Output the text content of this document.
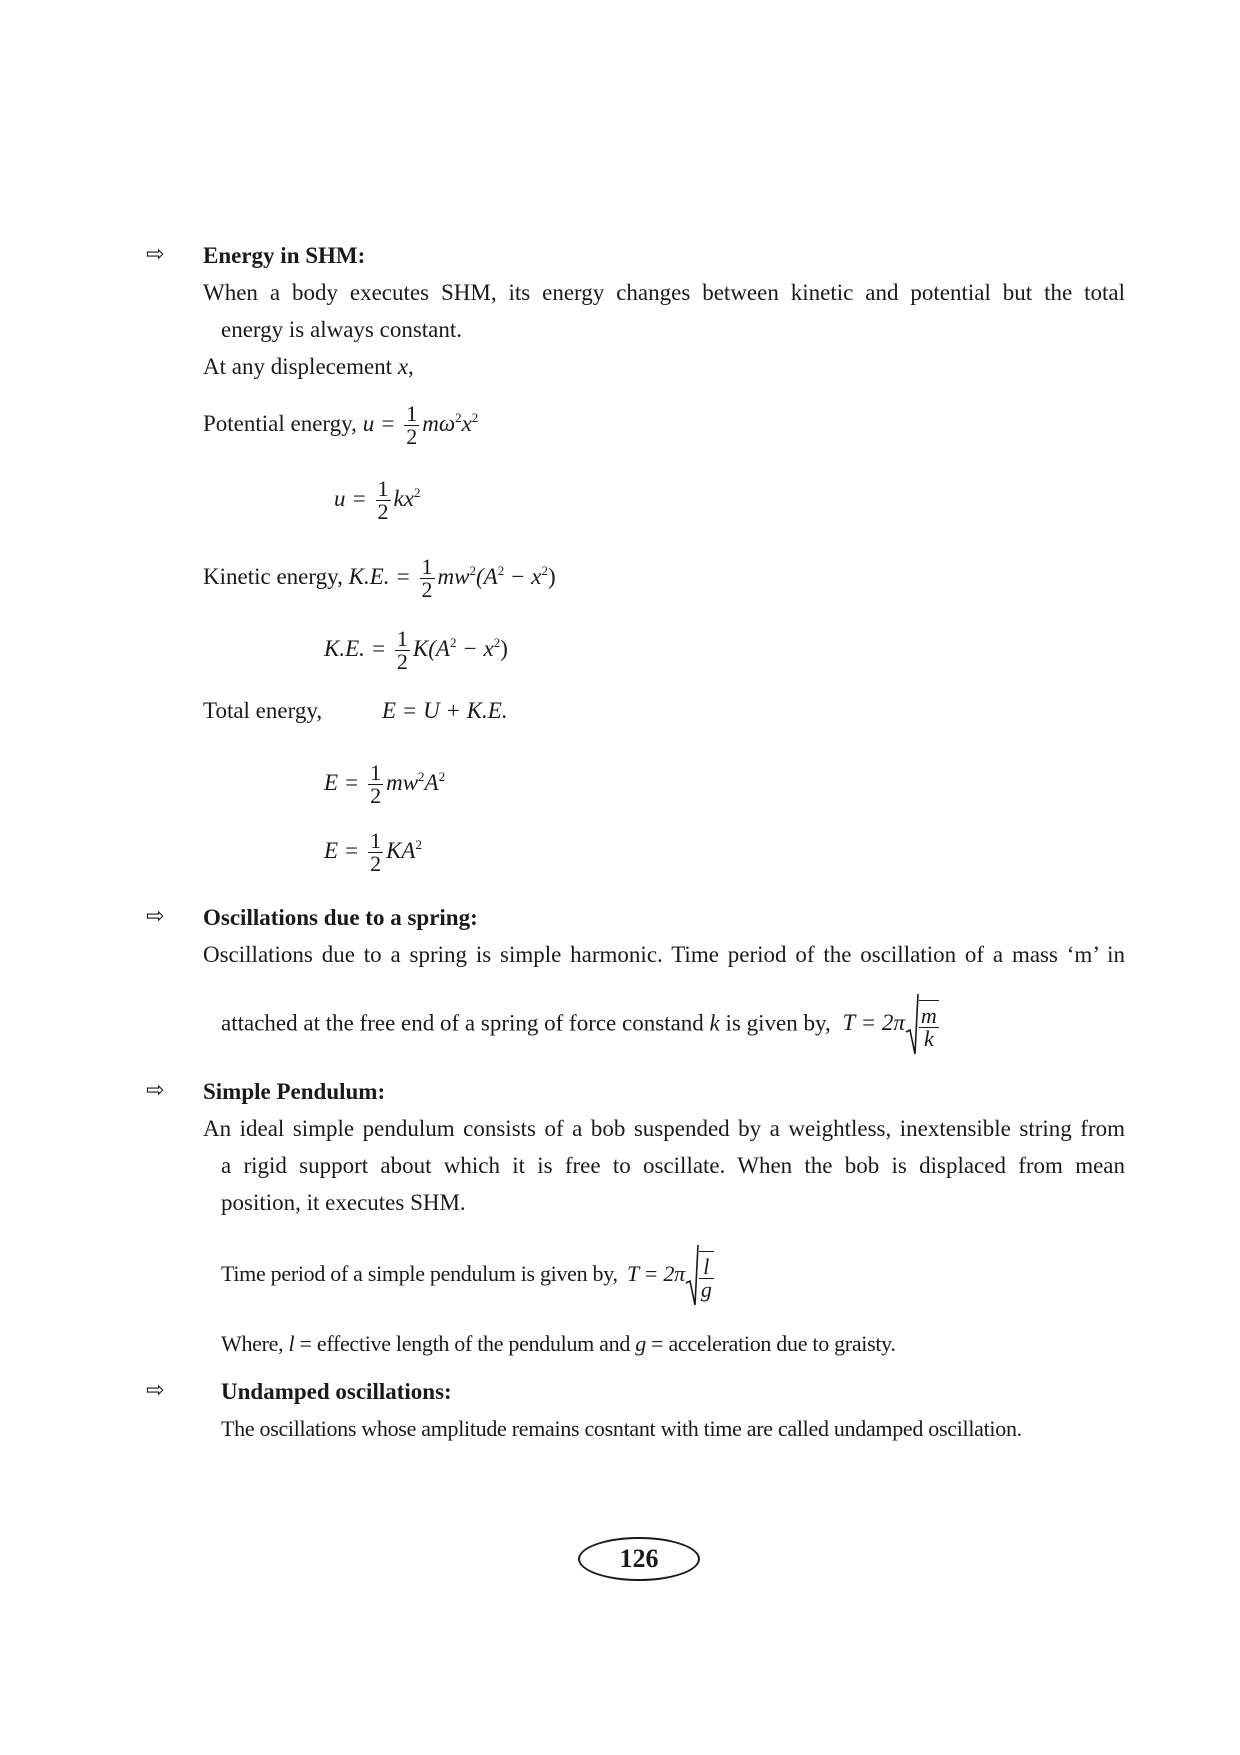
⇨ Energy in SHM:
When a body executes SHM, its energy changes between kinetic and potential but the total
energy is always constant.
At any displecement x,
Potential energy, $u = \frac{1}{2} m\omega^2x^2$
$u = \frac{1}{2} kx^2$
Kinetic energy, K.E. = $\frac{1}{2} mw^2(A^2 - x^2)$
K.E. = $\frac{1}{2} K(A^2 - x^2)$
Total energy,	E = U + K.E.
$E = \frac{1}{2} mw^2A^2$
$E = \frac{1}{2} KA^2$
⇨ Oscillations due to a spring:
Oscillations due to a spring is simple harmonic. Time period of the oscillation of a mass ‘m’ in
attached at the free end of a spring of force constand k is given by, $T = 2\pi \frac{m}{k}$
⇨ Simple Pendulum:
An ideal simple pendulum consists of a bob suspended by a weightless, inextensible string from
a rigid support about which it is free to oscillate. When the bob is displaced from mean
position, it executes SHM.
Time period of a simple pendulum is given by, $T = 2\pi \frac{l}{g}$
Where, l = effective length of the pendulum and g = acceleration due to graisty.
⇨ Undamped oscillations:
The oscillations whose amplitude remains cosntant with time are called undamped oscillation.
126
